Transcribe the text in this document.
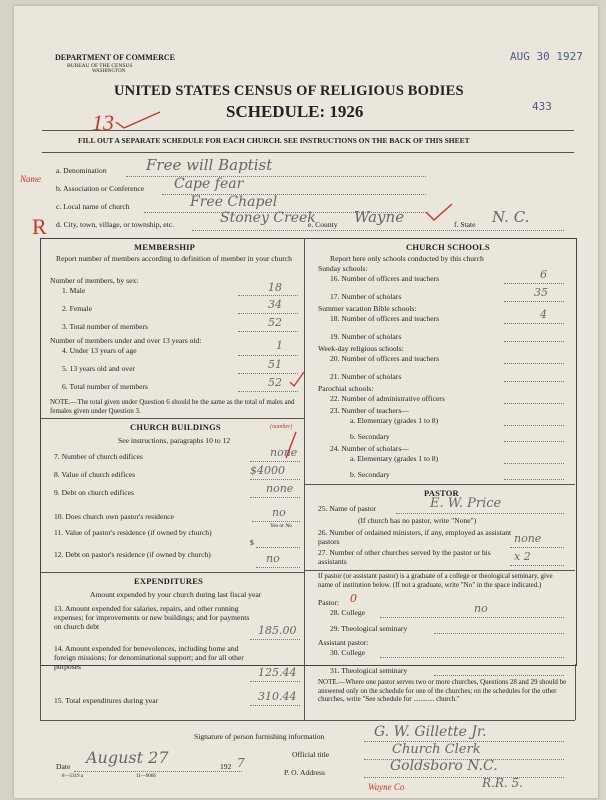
DEPARTMENT OF COMMERCE
BUREAU OF THE CENSUS
WASHINGTON
UNITED STATES CENSUS OF RELIGIOUS BODIES
SCHEDULE: 1926
AUG 30 1927
433
13
FILL OUT A SEPARATE SCHEDULE FOR EACH CHURCH. SEE INSTRUCTIONS ON THE BACK OF THIS SHEET
Name
R
a. Denomination	Free will Baptist
b. Association or Conference Cape fear
c. Local name of church	Free Chapel
d. City, town, village, or township, etc.	Stoney Creek
e. County Wayne	f. State N. C.
MEMBERSHIP
Report number of members according to definition of member in your church
Number of members, by sex:
1. Male	18
2. Female	34
3. Total number of members	52
Number of members under and over 13 years old:
4. Under 13 years of age	1
5. 13 years old and over	51
6. Total number of members	52
NOTE.—The total given under Question 6 should be the same as the total of males and females given under Question 3.
CHURCH BUILDINGS	(number)
See instructions, paragraphs 10 to 12
7. Number of church edifices	none
8. Value of church edifices	$4000
9. Debt on church edifices	none
10. Does church own pastor's residence	no
Yes or No
11. Value of pastor's residence (if owned by church)
$
12. Debt on pastor's residence (if owned by church)	no
EXPENDITURES
Amount expended by your church during last fiscal year
13. Amount expended for salaries, repairs, and other running expenses; for improvements or new buildings; and for payments on church debt	185.00
14. Amount expended for benevolences, including home and foreign missions; for denominational support; and for all other purposes	125.44
15. Total expenditures during year	310.44
CHURCH SCHOOLS
Report here only schools conducted by this church
Sunday schools:
16. Number of officers and teachers	6
17. Number of scholars	35
Summer vacation Bible schools:
18. Number of officers and teachers	4
19. Number of scholars
Week-day religious schools:
20. Number of officers and teachers
21. Number of scholars
Parochial schools:
22. Number of administrative officers
23. Number of teachers—
a. Elementary (grades 1 to 8)
b. Secondary
24. Number of scholars—
a. Elementary (grades 1 to 8)
b. Secondary
PASTOR
25. Name of pastor	E. W. Price
(If church has no pastor, write "None")
26. Number of ordained ministers, if any, employed as assistant pastors	none
27. Number of other churches served by the pastor or his assistants	x 2
If pastor (or assistant pastor) is a graduate of a college or theological seminary, give name of institution below. (If not a graduate, write "No" in the space indicated.)
Pastor: 0
28. College	no
29. Theological seminary
Assistant pastor:
30. College
31. Theological seminary
NOTE.—Where one pastor serves two or more churches, Questions 28 and 29 should be answered only on the schedule for one of the churches; on the schedules for the other churches, write "See schedule for ............ church."
Signature of person furnishing information	G. W. Gillette Jr.
Official title	Church Clerk
P. O. Address	Goldsboro N.C.
Wayne Co	R.R. 5.
Date August 27	192 7
8—5319 a	11—9066
